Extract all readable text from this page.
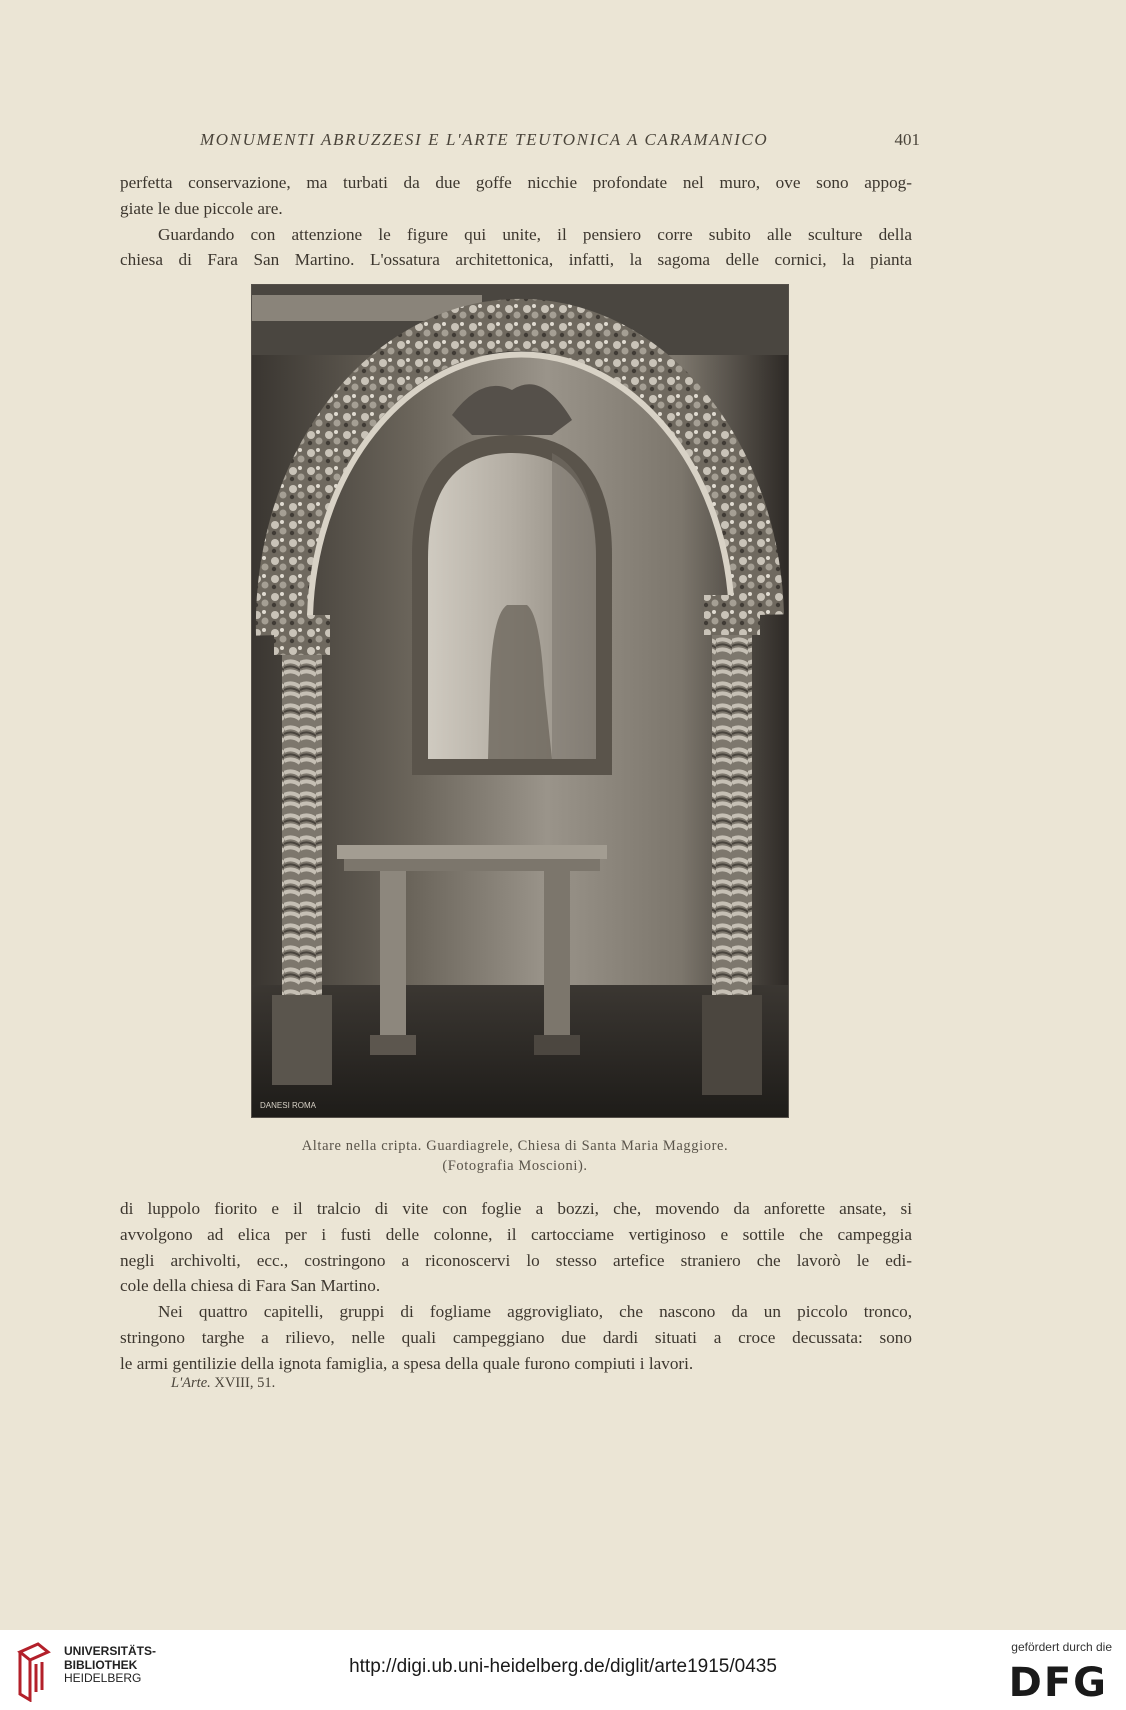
MONUMENTI ABRUZZESI E L'ARTE TEUTONICA A CARAMANICO	401
perfetta conservazione, ma turbati da due goffe nicchie profondate nel muro, ove sono appog-
giate le due piccole are.
Guardando con attenzione le figure qui unite, il pensiero corre subito alle sculture della
chiesa di Fara San Martino. L'ossatura architettonica, infatti, la sagoma delle cornici, la pianta
DANESI ROMA
Altare nella cripta. Guardiagrele, Chiesa di Santa Maria Maggiore.
(Fotografia Moscioni).
di luppolo fiorito e il tralcio di vite con foglie a bozzi, che, movendo da anforette ansate, si
avvolgono ad elica per i fusti delle colonne, il cartocciame vertiginoso e sottile che campeggia
negli archivolti, ecc., costringono a riconoscervi lo stesso artefice straniero che lavorò le edi-
cole della chiesa di Fara San Martino.
Nei quattro capitelli, gruppi di fogliame aggrovigliato, che nascono da un piccolo tronco,
stringono targhe a rilievo, nelle quali campeggiano due dardi situati a croce decussata: sono
le armi gentilizie della ignota famiglia, a spesa della quale furono compiuti i lavori.
L'Arte. XVIII, 51.
UNIVERSITÄTS-
BIBLIOTHEK
HEIDELBERG
http://digi.ub.uni-heidelberg.de/diglit/arte1915/0435
gefördert durch die
DFG
